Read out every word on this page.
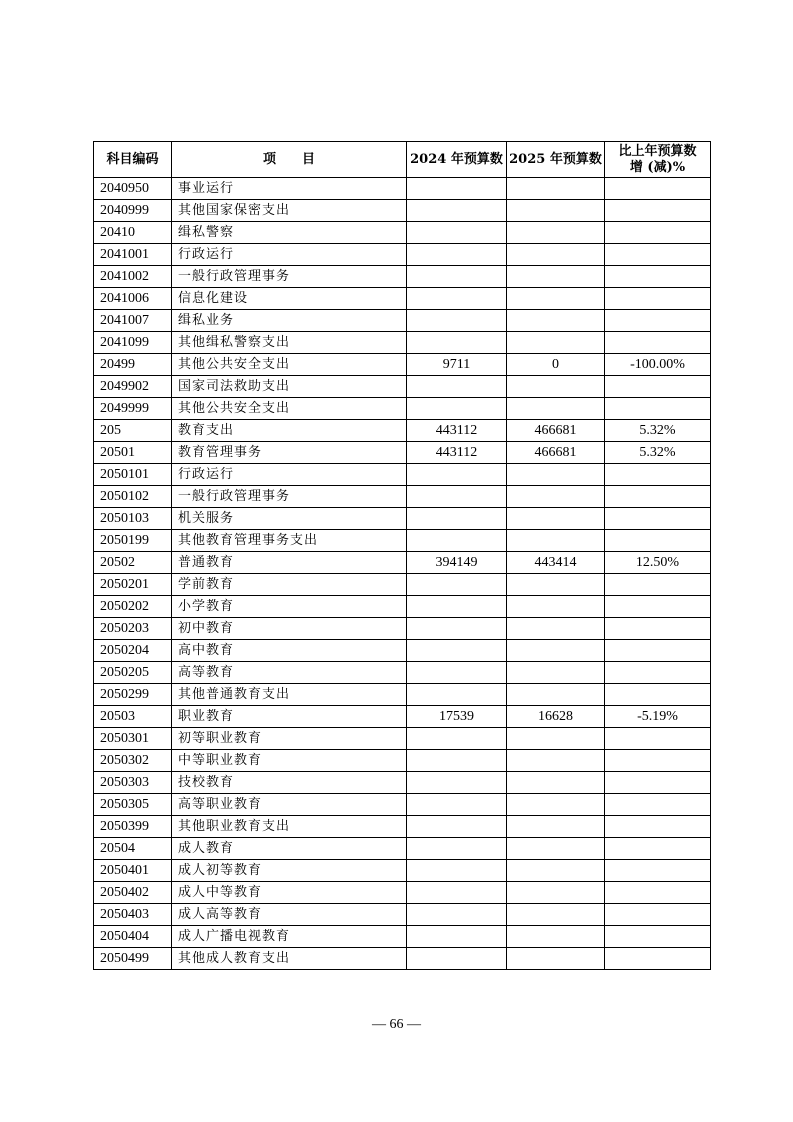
科目编码	项　　目	2024 年预算数	2025 年预算数	比上年预算数增 (减)%
2040950	事业运行			
2040999	其他国家保密支出			
20410	缉私警察			
2041001	行政运行			
2041002	一般行政管理事务			
2041006	信息化建设			
2041007	缉私业务			
2041099	其他缉私警察支出			
20499	其他公共安全支出	9711	0	-100.00%
2049902	国家司法救助支出			
2049999	其他公共安全支出			
205	教育支出	443112	466681	5.32%
20501	教育管理事务	443112	466681	5.32%
2050101	行政运行			
2050102	一般行政管理事务			
2050103	机关服务			
2050199	其他教育管理事务支出			
20502	普通教育	394149	443414	12.50%
2050201	学前教育			
2050202	小学教育			
2050203	初中教育			
2050204	高中教育			
2050205	高等教育			
2050299	其他普通教育支出			
20503	职业教育	17539	16628	-5.19%
2050301	初等职业教育			
2050302	中等职业教育			
2050303	技校教育			
2050305	高等职业教育			
2050399	其他职业教育支出			
20504	成人教育			
2050401	成人初等教育			
2050402	成人中等教育			
2050403	成人高等教育			
2050404	成人广播电视教育			
2050499	其他成人教育支出			
— 66 —
